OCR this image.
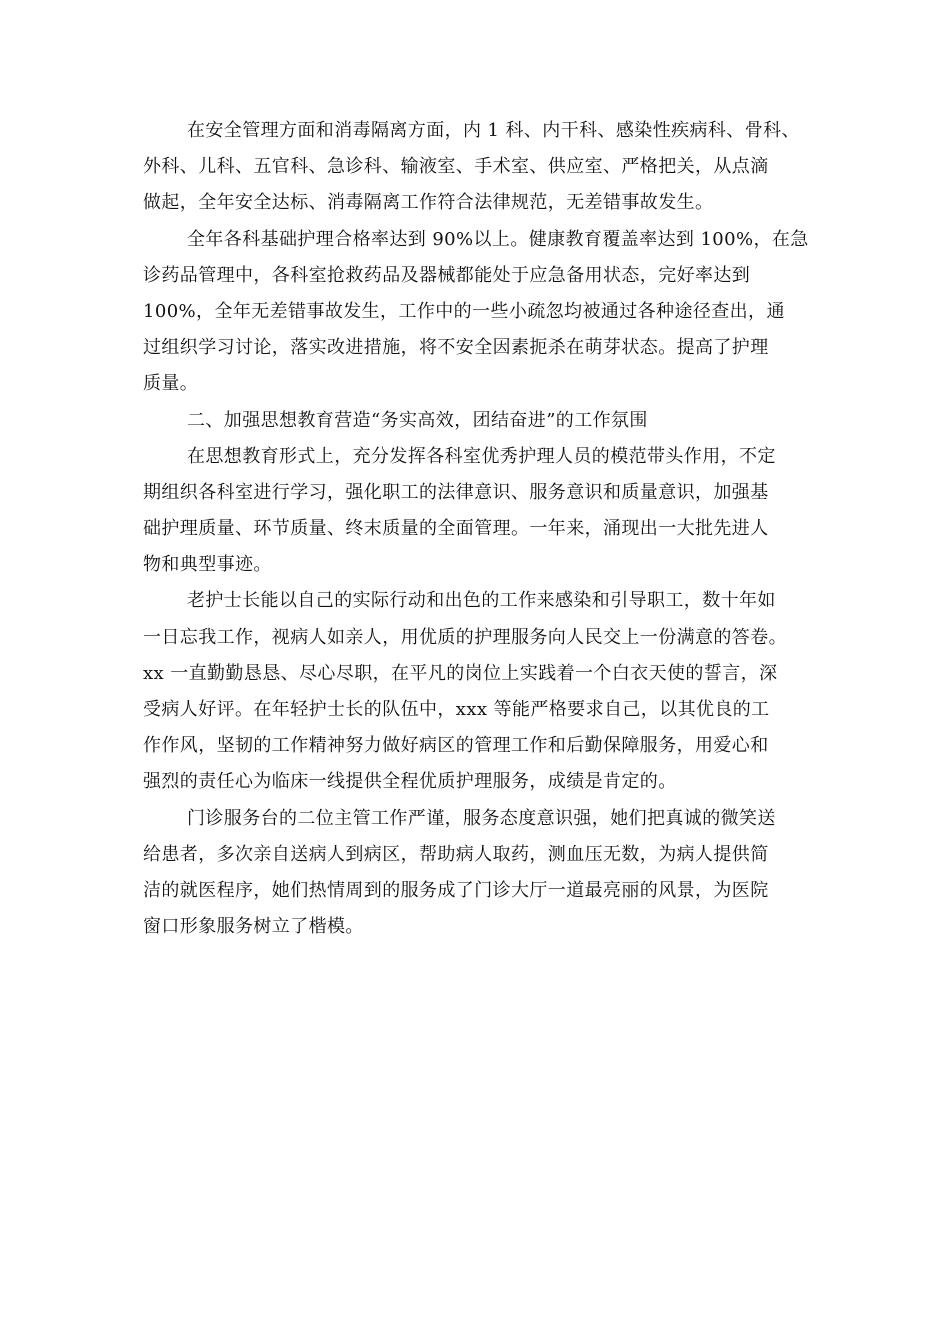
在安全管理方面和消毒隔离方面，内 1 科、内干科、感染性疾病科、骨科、
外科、儿科、五官科、急诊科、输液室、手术室、供应室、严格把关，从点滴
做起，全年安全达标、消毒隔离工作符合法律规范，无差错事故发生。
全年各科基础护理合格率达到 90%以上。健康教育覆盖率达到 100%，在急
诊药品管理中，各科室抢救药品及器械都能处于应急备用状态，完好率达到
100%，全年无差错事故发生，工作中的一些小疏忽均被通过各种途径查出，通
过组织学习讨论，落实改进措施，将不安全因素扼杀在萌芽状态。提高了护理
质量。
二、加强思想教育营造“务实高效，团结奋进”的工作氛围
在思想教育形式上，充分发挥各科室优秀护理人员的模范带头作用，不定
期组织各科室进行学习，强化职工的法律意识、服务意识和质量意识，加强基
础护理质量、环节质量、终末质量的全面管理。一年来，涌现出一大批先进人
物和典型事迹。
老护士长能以自己的实际行动和出色的工作来感染和引导职工，数十年如
一日忘我工作，视病人如亲人，用优质的护理服务向人民交上一份满意的答卷。
xx 一直勤勤恳恳、尽心尽职，在平凡的岗位上实践着一个白衣天使的誓言，深
受病人好评。在年轻护士长的队伍中，xxx 等能严格要求自己，以其优良的工
作作风，坚韧的工作精神努力做好病区的管理工作和后勤保障服务，用爱心和
强烈的责任心为临床一线提供全程优质护理服务，成绩是肯定的。
门诊服务台的二位主管工作严谨，服务态度意识强，她们把真诚的微笑送
给患者，多次亲自送病人到病区，帮助病人取药，测血压无数，为病人提供简
洁的就医程序，她们热情周到的服务成了门诊大厅一道最亮丽的风景，为医院
窗口形象服务树立了楷模。
